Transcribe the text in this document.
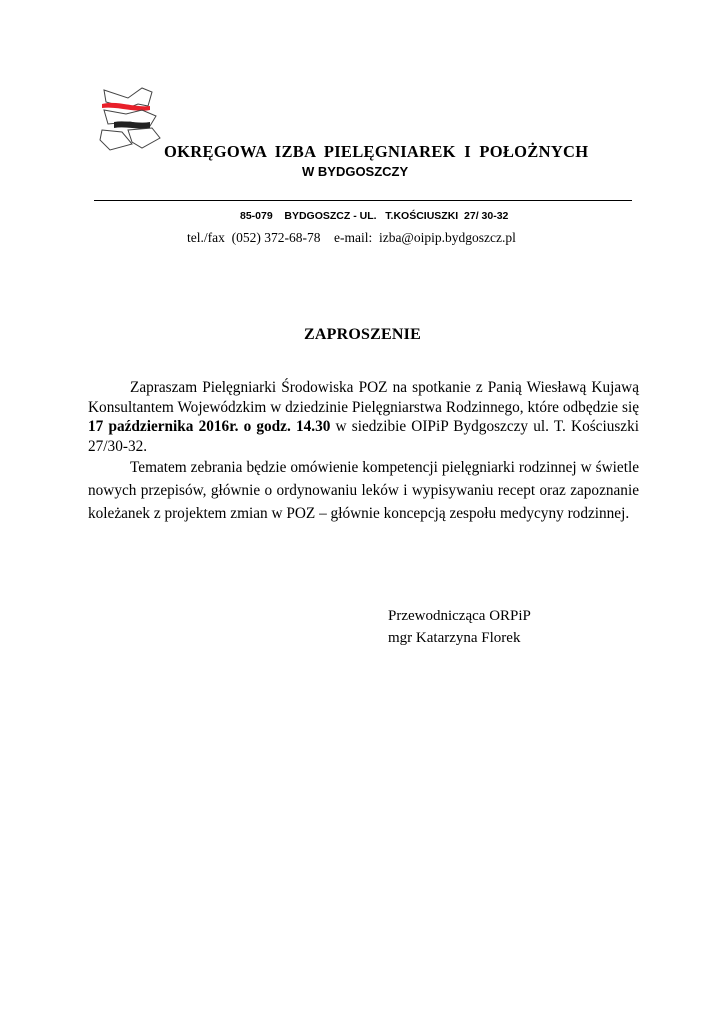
OKRĘGOWA IZBA PIELĘGNIAREK I POŁOŻNYCH
W BYDGOSZCZY
85-079    BYDGOSZCZ - UL.   T.KOŚCIUSZKI  27/ 30-32
tel./fax  (052) 372-68-78    e-mail:  izba@oipip.bydgoszcz.pl
ZAPROSZENIE

Zapraszam Pielęgniarki Środowiska POZ na spotkanie z Panią Wiesławą Kujawą Konsultantem Wojewódzkim w dziedzinie Pielęgniarstwa Rodzinnego, które odbędzie się 17 października 2016r. o godz. 14.30 w siedzibie OIPiP Bydgoszczy ul. T. Kościuszki 27/30-32.

Tematem zebrania będzie omówienie kompetencji pielęgniarki rodzinnej w świetle nowych przepisów, głównie o ordynowaniu leków i wypisywaniu recept oraz zapoznanie koleżanek z projektem zmian w POZ – głównie koncepcją zespołu medycyny rodzinnej.

Przewodnicząca ORPiP
mgr Katarzyna Florek
